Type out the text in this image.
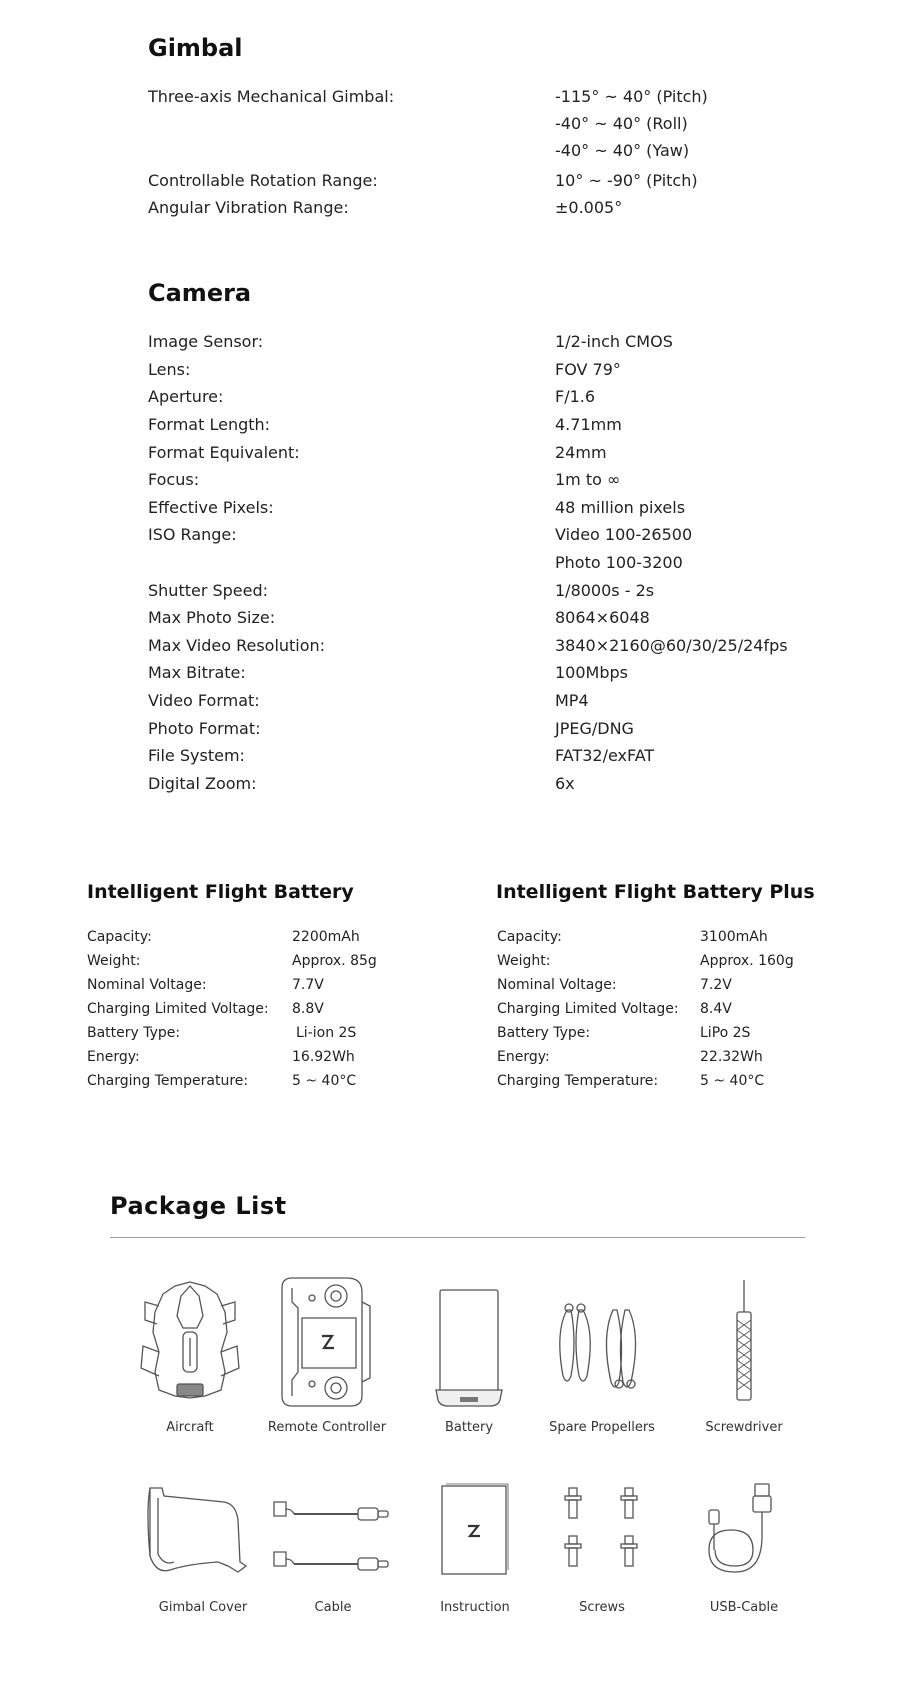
Gimbal
Three-axis Mechanical Gimbal:	-115° ~ 40° (Pitch)
-40° ~ 40° (Roll)
-40° ~ 40° (Yaw)
Controllable Rotation Range:	10° ~ -90° (Pitch)
Angular Vibration Range:	±0.005°
Camera
Image Sensor:	1/2-inch CMOS
Lens:	FOV 79°
Aperture:	F/1.6
Format Length:	4.71mm
Format Equivalent:	24mm
Focus:	1m to ∞
Effective Pixels:	48 million pixels
ISO Range:	Video 100-26500
Photo 100-3200
Shutter Speed:	1/8000s - 2s
Max Photo Size:	8064×6048
Max Video Resolution:	3840×2160@60/30/25/24fps
Max Bitrate:	100Mbps
Video Format:	MP4
Photo Format:	JPEG/DNG
File System:	FAT32/exFAT
Digital Zoom:	6x
Intelligent Flight Battery
Capacity:	2200mAh
Weight:	Approx. 85g
Nominal Voltage:	7.7V
Charging Limited Voltage: 8.8V
Battery Type:	Li-ion 2S
Energy:	16.92Wh
Charging Temperature:	5 ~ 40°C
Intelligent Flight Battery Plus
Capacity:	3100mAh
Weight:	Approx. 160g
Nominal Voltage:	7.2V
Charging Limited Voltage: 8.4V
Battery Type:	LiPo 2S
Energy:	22.32Wh
Charging Temperature:	5 ~ 40°C
Package List
Aircraft	Remote Controller	Battery	Spare Propellers	Screwdriver
Gimbal Cover	Cable	Instruction	Screws	USB-Cable
